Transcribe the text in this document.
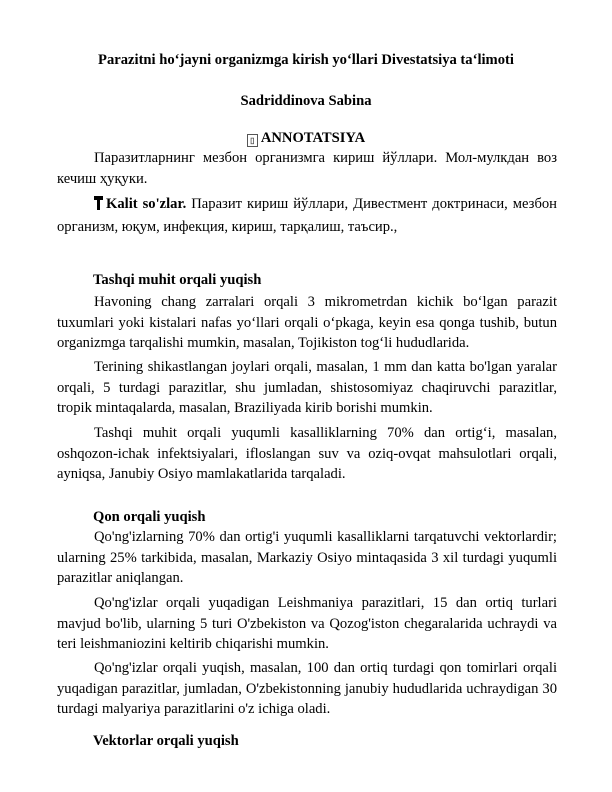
Parazitni ho‘jayni organizmga kirish yo‘llari Divestatsiya ta‘limoti
Sadriddinova Sabina
▯ ANNOTATSIYA

Паразитларнинг мезбон организмга кириш йўллари. Мол-мулкдан воз кечиш ҳуқуки.

Kalit so'zlar. Паразит кириш йўллари, Дивестмент доктринаси, мезбон организм, юқум, инфекция, кириш, тарқалиш, таъсир.,

Tashqi muhit orqali yuqish

Havoning chang zarralari orqali 3 mikrometrdan kichik bo‘lgan parazit tuxumlari yoki kistalari nafas yo‘llari orqali o‘pkaga, keyin esa qonga tushib, butun organizmga tarqalishi mumkin, masalan, Tojikiston tog‘li hududlarida.

Terining shikastlangan joylari orqali, masalan, 1 mm dan katta bo'lgan yaralar orqali, 5 turdagi parazitlar, shu jumladan, shistosomiyaz chaqiruvchi parazitlar, tropik mintaqalarda, masalan, Braziliyada kirib borishi mumkin.

Tashqi muhit orqali yuqumli kasalliklarning 70% dan ortig‘i, masalan, oshqozon-ichak infektsiyalari, ifloslangan suv va oziq-ovqat mahsulotlari orqali, ayniqsa, Janubiy Osiyo mamlakatlarida tarqaladi.

Qon orqali yuqish

Qo'ng'izlarning 70% dan ortig'i yuqumli kasalliklarni tarqatuvchi vektorlardir; ularning 25% tarkibida, masalan, Markaziy Osiyo mintaqasida 3 xil turdagi yuqumli parazitlar aniqlangan.

Qo'ng'izlar orqali yuqadigan Leishmaniya parazitlari, 15 dan ortiq turlari mavjud bo'lib, ularning 5 turi O'zbekiston va Qozog'iston chegaralarida uchraydi va teri leishmaniozini keltirib chiqarishi mumkin.

Qo'ng'izlar orqali yuqish, masalan, 100 dan ortiq turdagi qon tomirlari orqali yuqadigan parazitlar, jumladan, O'zbekistonning janubiy hududlarida uchraydigan 30 turdagi malyariya parazitlarini o'z ichiga oladi.

Vektorlar orqali yuqish
